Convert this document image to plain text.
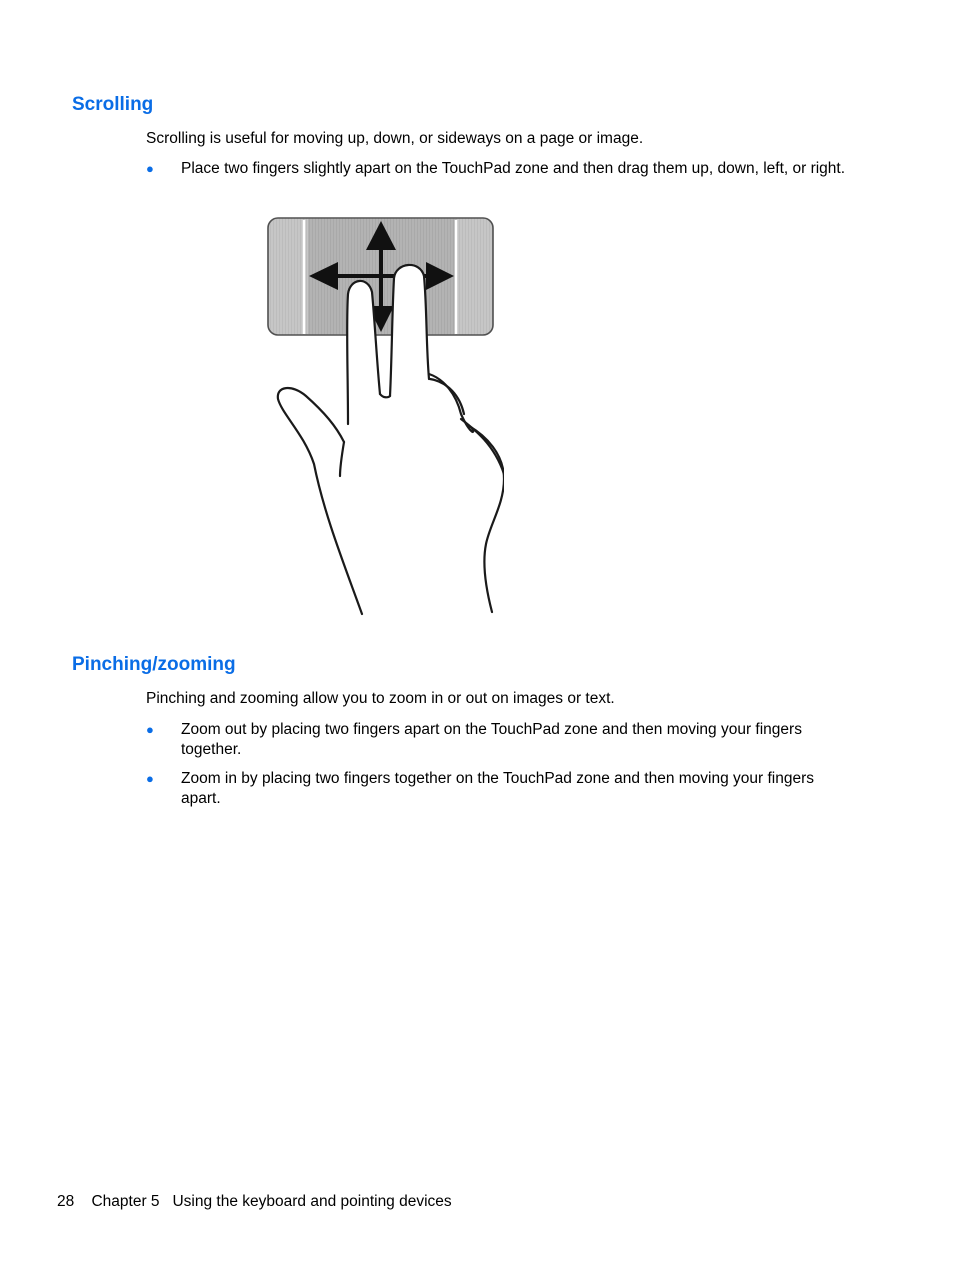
Scrolling

Scrolling is useful for moving up, down, or sideways on a page or image.

●	Place two fingers slightly apart on the TouchPad zone and then drag them up, down, left, or right.
Pinching/zooming

Pinching and zooming allow you to zoom in or out on images or text.

●	Zoom out by placing two fingers apart on the TouchPad zone and then moving your fingers together.
●	Zoom in by placing two fingers together on the TouchPad zone and then moving your fingers apart.
28 Chapter 5 Using the keyboard and pointing devices
